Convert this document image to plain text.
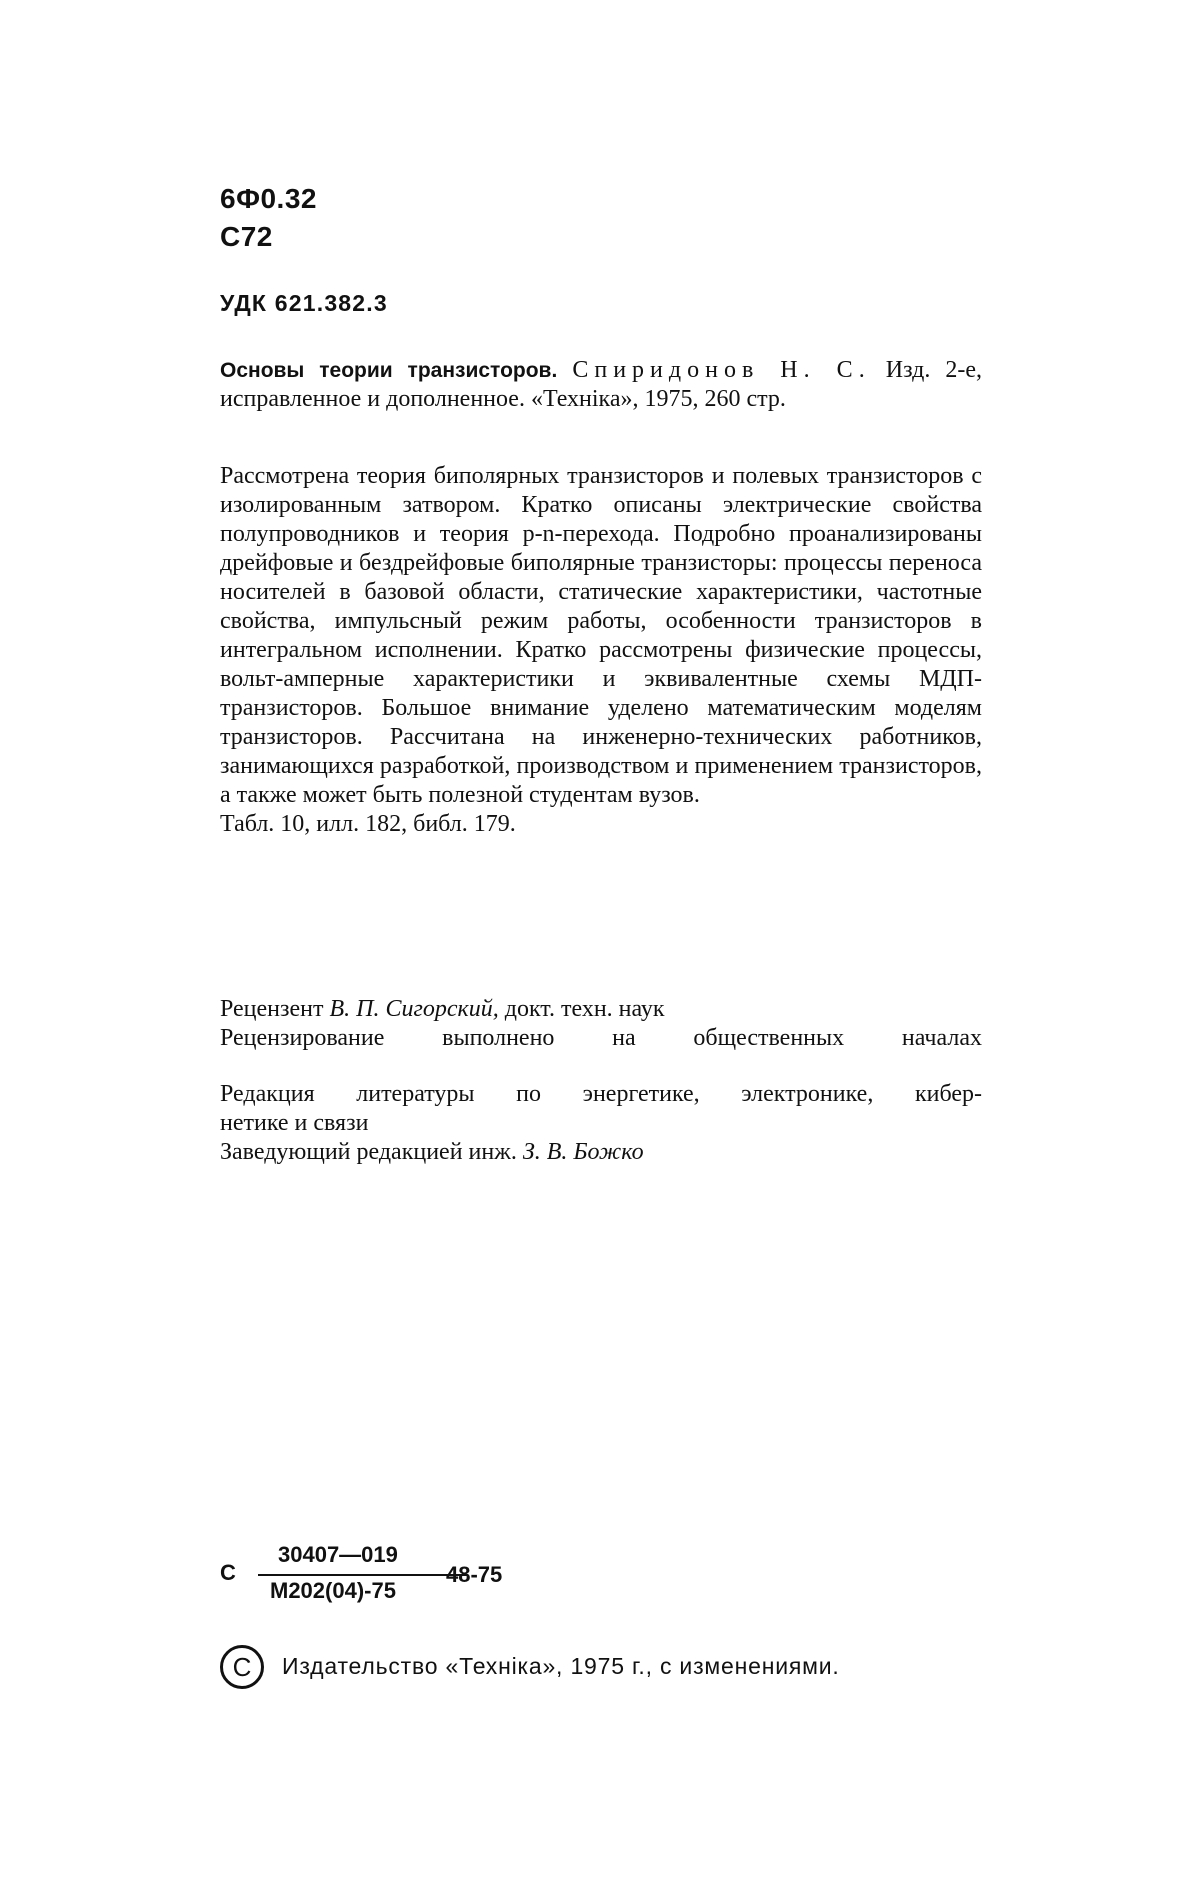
6Ф0.32
С72
УДК 621.382.3
Основы теории транзисторов. Спиридонов Н. С. Изд. 2-е, исправленное и дополненное. «Техніка», 1975, 260 стр.
Рассмотрена теория биполярных транзисторов и полевых транзисторов с изолированным затвором. Кратко описаны электрические свойства полупроводников и теория p-n-перехода. Подробно проанализированы дрейфовые и бездрейфовые биполярные транзисторы: процессы переноса носителей в базовой области, статические характеристики, частотные свойства, импульсный режим работы, особенности транзисторов в интегральном исполнении. Кратко рассмотрены физические процессы, вольт-амперные характеристики и эквивалентные схемы МДП-транзисторов. Большое внимание уделено математическим моделям транзисторов. Рассчитана на инженерно-технических работников, занимающихся разработкой, производством и применением транзисторов, а также может быть полезной студентам вузов.
Табл. 10, илл. 182, библ. 179.
Рецензент В. П. Сигорский, докт. техн. наук
Рецензирование выполнено на общественных началах
Редакция литературы по энергетике, электронике, кибер-
нетике и связи
Заведующий редакцией инж. З. В. Божко
С
30407—019
М202(04)-75
48-75
C	Издательство «Техніка», 1975 г., с изменениями.
